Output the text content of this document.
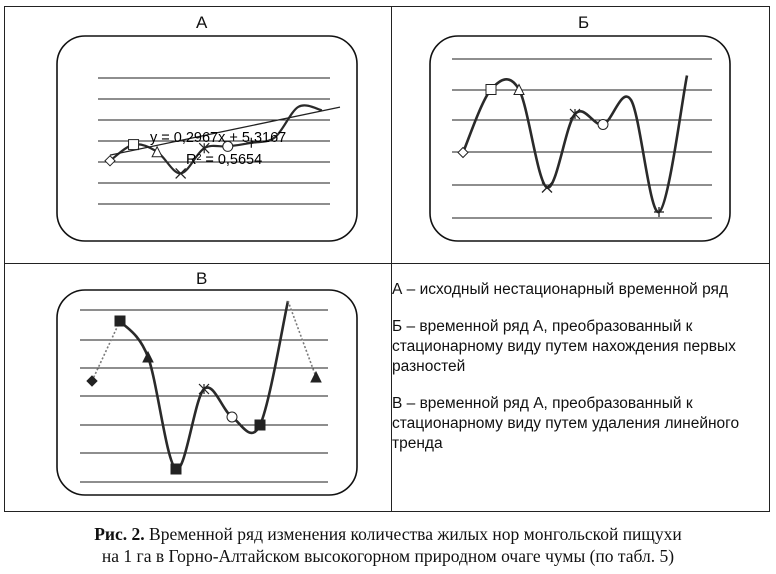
А	Б
В
y = 0,2967x + 5,3167
R² = 0,5654

А – исходный нестационарный временной ряд

Б – временной ряд А, преобразованный к стационарному виду путем нахождения первых разностей

В – временной ряд А, преобразованный к стационарному виду путем удаления линейного тренда

Рис. 2. Временной ряд изменения количества жилых нор монгольской пищухи
на 1 га в Горно-Алтайском высокогорном природном очаге чумы (по табл. 5)
